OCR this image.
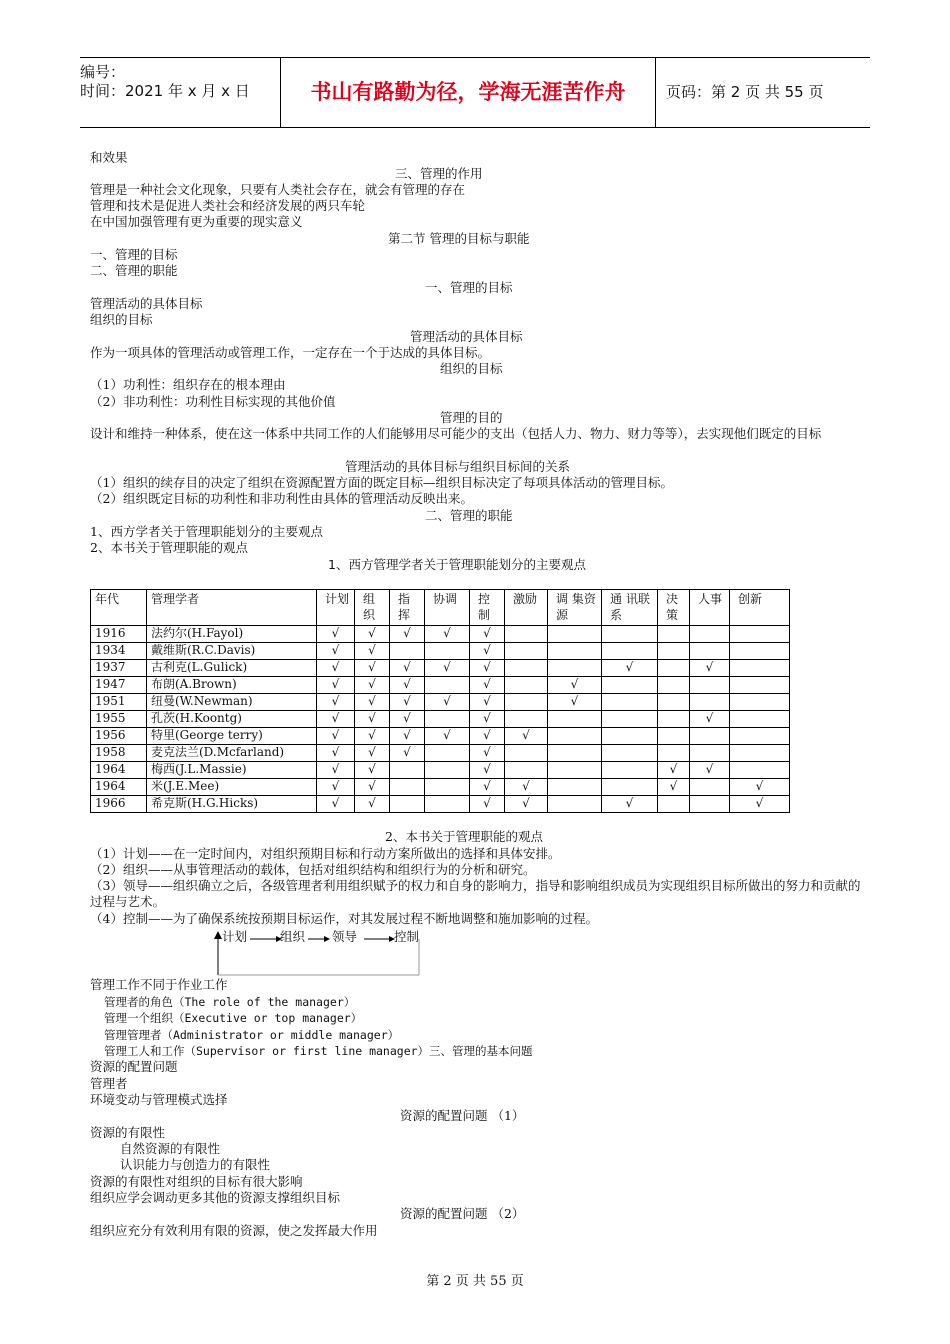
编号：
时间：2021 年 x 月 x 日	书山有路勤为径，学海无涯苦作舟	页码：第 2 页 共 55 页
和效果
三、管理的作用
管理是一种社会文化现象，只要有人类社会存在，就会有管理的存在
管理和技术是促进人类社会和经济发展的两只车轮
在中国加强管理有更为重要的现实意义
第二节 管理的目标与职能
一、管理的目标
二、管理的职能
一、管理的目标
管理活动的具体目标
组织的目标
管理活动的具体目标
作为一项具体的管理活动或管理工作，一定存在一个于达成的具体目标。
组织的目标
（1）功利性：组织存在的根本理由
（2）非功利性：功利性目标实现的其他价值
管理的目的
设计和维持一种体系，使在这一体系中共同工作的人们能够用尽可能少的支出（包括人力、物力、财力等等），去实现他们既定的目标
管理活动的具体目标与组织目标间的关系
（1）组织的续存目的决定了组织在资源配置方面的既定目标—组织目标决定了每项具体活动的管理目标。
（2）组织既定目标的功利性和非功利性由具体的管理活动反映出来。
二、管理的职能
1、西方学者关于管理职能划分的主要观点
2、本书关于管理职能的观点
1、西方管理学者关于管理职能划分的主要观点
年代	管理学者	计划	组织	指挥	协调	控制	激励	调 集资源	通 讯联系	决策	人事	创新
1916	法约尔(H.Fayol)	√	√	√	√	√						
1934	戴维斯(R.C.Davis)	√	√			√						
1937	古利克(L.Gulick)	√	√	√	√	√			√		√	
1947	布朗(A.Brown)	√	√	√		√		√				
1951	纽曼(W.Newman)	√	√	√	√	√		√				
1955	孔茨(H.Koontg)	√	√	√		√					√	
1956	特里(George terry)	√	√	√	√	√	√					
1958	麦克法兰(D.Mcfarland)	√	√	√		√						
1964	梅西(J.L.Massie)	√	√			√				√	√	
1964	米(J.E.Mee)	√	√			√	√			√		√
1966	希克斯(H.G.Hicks)	√	√			√	√		√			√
2、本书关于管理职能的观点
（1）计划——在一定时间内，对组织预期目标和行动方案所做出的选择和具体安排。
（2）组织——从事管理活动的载体，包括对组织结构和组织行为的分析和研究。
（3）领导——组织确立之后，各级管理者利用组织赋予的权力和自身的影响力，指导和影响组织成员为实现组织目标所做出的努力和贡献的过程与艺术。
（4）控制——为了确保系统按预期目标运作，对其发展过程不断地调整和施加影响的过程。
计划	组织 领导	控制
管理工作不同于作业工作
管理者的角色（The role of the manager）
管理一个组织（Executive or top manager）
管理管理者（Administrator or middle manager）
管理工人和工作（Supervisor or first line manager）三、管理的基本问题
资源的配置问题
管理者
环境变动与管理模式选择
资源的配置问题 （1）
资源的有限性
自然资源的有限性
认识能力与创造力的有限性
资源的有限性对组织的目标有很大影响
组织应学会调动更多其他的资源支撑组织目标
资源的配置问题 （2）
组织应充分有效利用有限的资源，使之发挥最大作用
第 2 页 共 55 页
